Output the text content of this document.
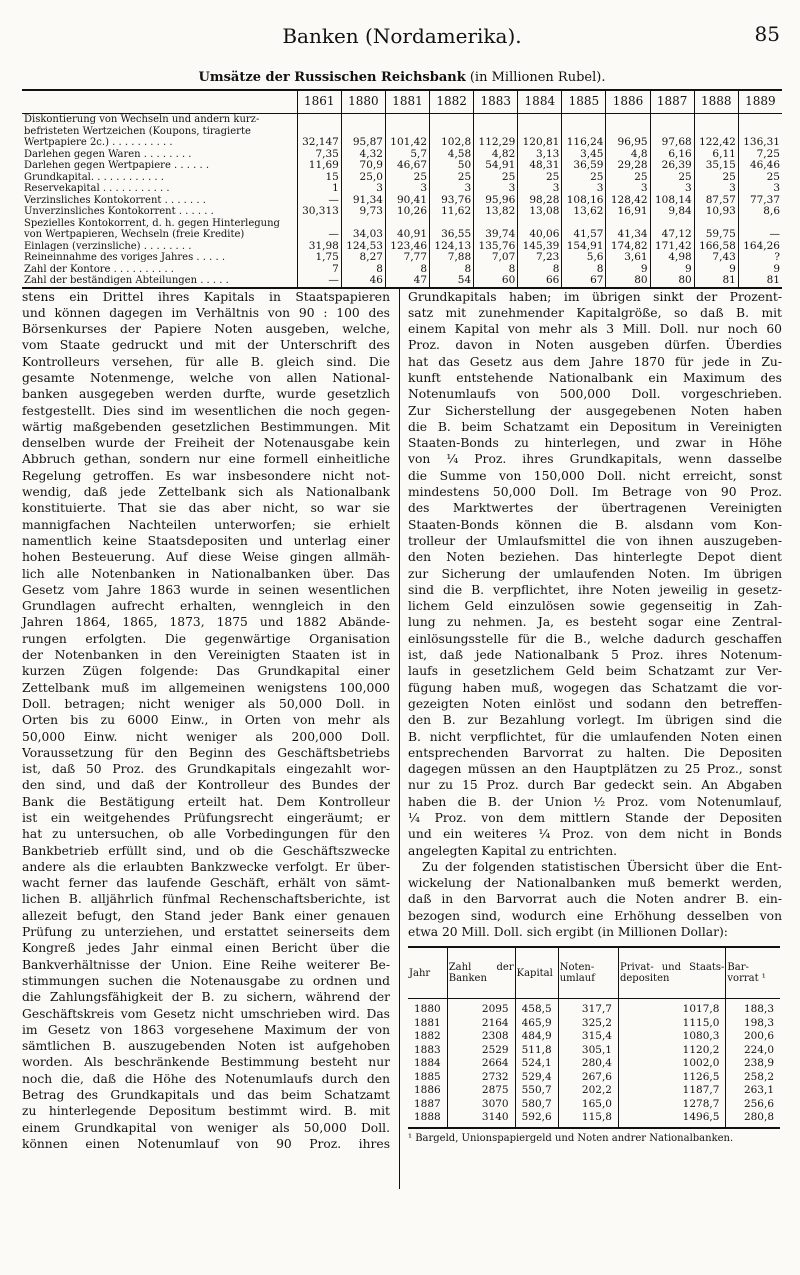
Banken (Nordamerika).	85
Umsätze der Russischen Reichsbank (in Millionen Rubel).
	1861	1880	1881	1882	1883	1884	1885	1886	1887	1888	1889

Diskontierung von Wechseln und andern kurz-
befristeten Wertzeichen (Koupons, tiragierte
Wertpapiere 2c.) . . . . . . . . . .	32,147	95,87	101,42	102,8	112,29	120,81	116,24	96,95	97,68	122,42	136,31

Darlehen gegen Waren . . . . . . . .	7,35	4,32	5,7	4,58	4,82	3,13	3,45	4,8	6,16	6,11	7,25

Darlehen gegen Wertpapiere . . . . . .	11,69	70,9	46,67	50	54,91	48,31	36,59	29,28	26,39	35,15	46,46

Grundkapital. . . . . . . . . . . .	15	25,0	25	25	25	25	25	25	25	25	25

Reservekapital . . . . . . . . . . .	1	3	3	3	3	3	3	3	3	3	3

Verzinsliches Kontokorrent . . . . . . .	—	91,34	90,41	93,76	95,96	98,28	108,16	128,42	108,14	87,57	77,37

Unverzinsliches Kontokorrent . . . . . .	30,313	9,73	10,26	11,62	13,82	13,08	13,62	16,91	9,84	10,93	8,6

Spezielles Kontokorrent, d. h. gegen Hinterlegung
von Wertpapieren, Wechseln (freie Kredite)	—	34,03	40,91	36,55	39,74	40,06	41,57	41,34	47,12	59,75	—

Einlagen (verzinsliche) . . . . . . . .	31,98	124,53	123,46	124,13	135,76	145,39	154,91	174,82	171,42	166,58	164,26

Reineinnahme des voriges Jahres . . . . .	1,75	8,27	7,77	7,88	7,07	7,23	5,6	3,61	4,98	7,43	?

Zahl der Kontore . . . . . . . . . .	7	8	8	8	8	8	8	9	9	9	9

Zahl der beständigen Abteilungen . . . . .	—	46	47	54	60	66	67	80	80	81	81

stens ein Drittel ihres Kapitals in Staatspapieren

und können dagegen im Verhältnis von 90 : 100 des

Börsenkurses der Papiere Noten ausgeben, welche,

vom Staate gedruckt und mit der Unterschrift des

Kontrolleurs versehen, für alle B. gleich sind. Die

gesamte Notenmenge, welche von allen National-

banken ausgegeben werden durfte, wurde gesetzlich

festgestellt. Dies sind im wesentlichen die noch gegen-

wärtig maßgebenden gesetzlichen Bestimmungen. Mit

denselben wurde der Freiheit der Notenausgabe kein

Abbruch gethan, sondern nur eine formell einheitliche

Regelung getroffen. Es war insbesondere nicht not-

wendig, daß jede Zettelbank sich als Nationalbank

konstituierte. That sie das aber nicht, so war sie

mannigfachen Nachteilen unterworfen; sie erhielt

namentlich keine Staatsdepositen und unterlag einer

hohen Besteuerung. Auf diese Weise gingen allmäh-

lich alle Notenbanken in Nationalbanken über. Das

Gesetz vom Jahre 1863 wurde in seinen wesentlichen

Grundlagen aufrecht erhalten, wenngleich in den

Jahren 1864, 1865, 1873, 1875 und 1882 Abände-

rungen erfolgten. Die gegenwärtige Organisation

der Notenbanken in den Vereinigten Staaten ist in

kurzen Zügen folgende: Das Grundkapital einer

Zettelbank muß im allgemeinen wenigstens 100,000

Doll. betragen; nicht weniger als 50,000 Doll. in

Orten bis zu 6000 Einw., in Orten von mehr als

50,000 Einw. nicht weniger als 200,000 Doll.

Voraussetzung für den Beginn des Geschäftsbetriebs

ist, daß 50 Proz. des Grundkapitals eingezahlt wor-

den sind, und daß der Kontrolleur des Bundes der

Bank die Bestätigung erteilt hat. Dem Kontrolleur

ist ein weitgehendes Prüfungsrecht eingeräumt; er

hat zu untersuchen, ob alle Vorbedingungen für den

Bankbetrieb erfüllt sind, und ob die Geschäftszwecke

andere als die erlaubten Bankzwecke verfolgt. Er über-

wacht ferner das laufende Geschäft, erhält von sämt-

lichen B. alljährlich fünfmal Rechenschaftsberichte, ist

allezeit befugt, den Stand jeder Bank einer genauen

Prüfung zu unterziehen, und erstattet seinerseits dem

Kongreß jedes Jahr einmal einen Bericht über die

Bankverhältnisse der Union. Eine Reihe weiterer Be-

stimmungen suchen die Notenausgabe zu ordnen und

die Zahlungsfähigkeit der B. zu sichern, während der

Geschäftskreis vom Gesetz nicht umschrieben wird. Das

im Gesetz von 1863 vorgesehene Maximum der von

sämtlichen B. auszugebenden Noten ist aufgehoben

worden. Als beschränkende Bestimmung besteht nur

noch die, daß die Höhe des Notenumlaufs durch den

Betrag des Grundkapitals und das beim Schatzamt

zu hinterlegende Depositum bestimmt wird. B. mit

einem Grundkapital von weniger als 50,000 Doll.

können einen Notenumlauf von 90 Proz. ihres

Grundkapitals haben; im übrigen sinkt der Prozent-

satz mit zunehmender Kapitalgröße, so daß B. mit

einem Kapital von mehr als 3 Mill. Doll. nur noch 60

Proz. davon in Noten ausgeben dürfen. Überdies

hat das Gesetz aus dem Jahre 1870 für jede in Zu-

kunft entstehende Nationalbank ein Maximum des

Notenumlaufs von 500,000 Doll. vorgeschrieben.

Zur Sicherstellung der ausgegebenen Noten haben

die B. beim Schatzamt ein Depositum in Vereinigten

Staaten-Bonds zu hinterlegen, und zwar in Höhe

von ¼ Proz. ihres Grundkapitals, wenn dasselbe

die Summe von 150,000 Doll. nicht erreicht, sonst

mindestens 50,000 Doll. Im Betrage von 90 Proz.

des Marktwertes der übertragenen Vereinigten

Staaten-Bonds können die B. alsdann vom Kon-

trolleur der Umlaufsmittel die von ihnen auszugeben-

den Noten beziehen. Das hinterlegte Depot dient

zur Sicherung der umlaufenden Noten. Im übrigen

sind die B. verpflichtet, ihre Noten jeweilig in gesetz-

lichem Geld einzulösen sowie gegenseitig in Zah-

lung zu nehmen. Ja, es besteht sogar eine Zentral-

einlösungsstelle für die B., welche dadurch geschaffen

ist, daß jede Nationalbank 5 Proz. ihres Notenum-

laufs in gesetzlichem Geld beim Schatzamt zur Ver-

fügung haben muß, wogegen das Schatzamt die vor-

gezeigten Noten einlöst und sodann den betreffen-

den B. zur Bezahlung vorlegt. Im übrigen sind die

B. nicht verpflichtet, für die umlaufenden Noten einen

entsprechenden Barvorrat zu halten. Die Depositen

dagegen müssen an den Hauptplätzen zu 25 Proz., sonst

nur zu 15 Proz. durch Bar gedeckt sein. An Abgaben

haben die B. der Union ½ Proz. vom Notenumlauf,

¼ Proz. von dem mittlern Stande der Depositen

und ein weiteres ¼ Proz. von dem nicht in Bonds

angelegten Kapital zu entrichten.

Zu der folgenden statistischen Übersicht über die Ent-

wickelung der Nationalbanken muß bemerkt werden,

daß in den Barvorrat auch die Noten andrer B. ein-

bezogen sind, wodurch eine Erhöhung desselben von

etwa 20 Mill. Doll. sich ergibt (in Millionen Dollar):

Jahr	Zahl der Banken	Kapital	Noten-umlauf	Privat- und Staats-depositen	Bar-vorrat ¹
1880	2095	458,5	317,7	1017,8	188,3
1881	2164	465,9	325,2	1115,0	198,3
1882	2308	484,9	315,4	1080,3	200,6
1883	2529	511,8	305,1	1120,2	224,0
1884	2664	524,1	280,4	1002,0	238,9
1885	2732	529,4	267,6	1126,5	258,2
1886	2875	550,7	202,2	1187,7	263,1
1887	3070	580,7	165,0	1278,7	256,6
1888	3140	592,6	115,8	1496,5	280,8
¹ Bargeld, Unionspapiergeld und Noten andrer Nationalbanken.
